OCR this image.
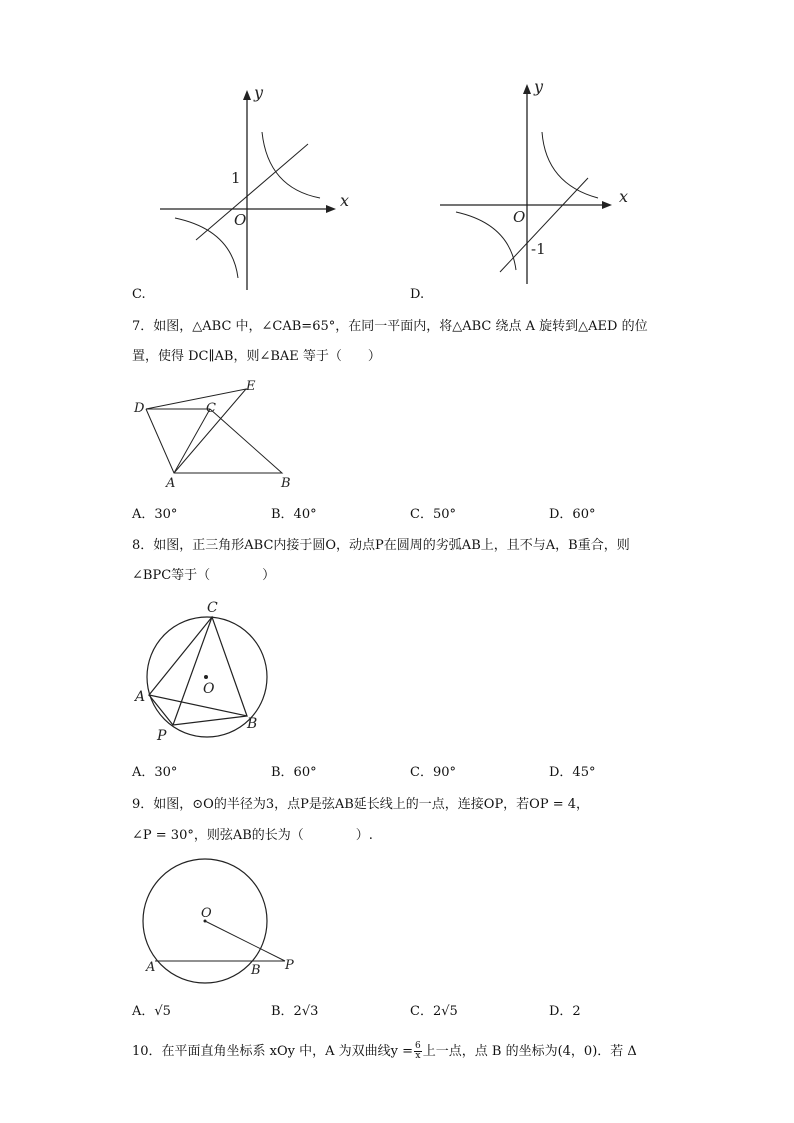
y
x
O
1
C.
y
x
O
-1
D.
7．如图，△ABC 中，∠CAB=65°，在同一平面内，将△ABC 绕点 A 旋转到△AED 的位
置，使得 DC∥AB，则∠BAE 等于（　　）
D	C
E
A	B
A．30°	B．40°	C．50°	D．60°
8．如图，正三角形ABC内接于圆O，动点P在圆周的劣弧AB上，且不与A，B重合，则
∠BPC等于（　　　　）
C
O
A
B
P
A．30°	B．60°	C．90°	D．45°
9．如图，⊙O的半径为3，点P是弦AB延长线上的一点，连接OP，若OP = 4，
∠P = 30°，则弦AB的长为（　　　　）.
O
A	B P
A．√5	B．2√3	C．2√5	D．2
10．在平面直角坐标系 xOy 中，A 为双曲线$y = \frac{6}{x}$ 上一点，点 B 的坐标为(4，0)．若 Δ
